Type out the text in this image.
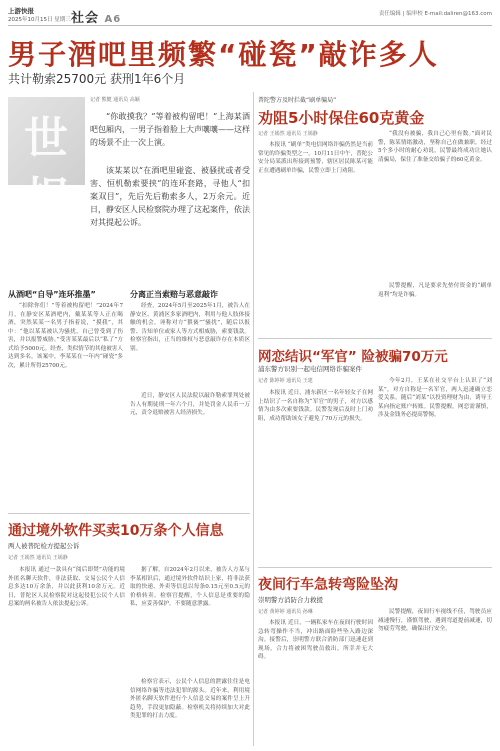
上游快报
2025年10月15日 星期三 社会 A6	责任编辑 | 编审校 E-mail:daliren@163.com
男子酒吧里频繁“碰瓷”敲诈多人
共计勒索25700元 获刑1年6个月
世
相
记者 熊健 通讯员 高颖
“你敢摸我？”等着被构留吧！”上海某酒吧包厢内，一男子指着脸上大声嚷嚷——这样的场景不止一次上演。
该某某以“在酒吧里碰瓷、被骚扰或者受害、恒机勒索要挟”的连环套路，寻他人“扣案双目”，先后先后勒索多人，2万余元。近日，静安区人民检察院办理了这起案件，依法对其提起公诉。
从酒吧“自导”连环推墨”
“扣除你们！”等着被构留吧！”2024年7月，在静安区某酒吧内，戴某某等人正在喝酒，突然某某一名男子指着说，“摸我”，其中：“他以某某被认为骚扰，自己曾受到了伤害，并以报警威胁。”受害某某最后以“私了”方式给予5000元。经查，类似情节的其他被害人达到多名。该案中，李某某在一年内“碰瓷”多次，累计所得25700元。
分离正当索赔与恶意敲诈
经查，2024年5月至2025年1月，被告人在静安区、黄浦区多家酒吧内，利用与他人肢体接触的机会，诬称对方“猥亵”“骚扰”，随后以报警、告知单位或家人等方式相威胁，索要钱款。检察官指出，正当的维权与恶意敲诈存在本质区别。
近日，静安区人民法院以敲诈勒索罪判处被告人有期徒刑一年六个月，并处罚金人民币一万元，责令退赔被害人经济损失。
通过境外软件买卖10万条个人信息
两人被普陀检方提起公诉
记者 王嫣然 通讯员 王嫣静
本报讯 通过一款具有“阅后即焚”功能的境外匿名聊天软件，非法获取、交易公民个人信息多达10万余条，并以此获利10余万元。近日，普陀区人民检察院对这起侵犯公民个人信息案的两名被告人依法提起公诉。
据了解，自2024年2月以来，被告人方某与李某相识后，通过境外软件结识上家，将非法获取的快递、外卖等信息以每条0.15元至0.5元的价格转卖。检察官提醒，个人信息是重要的隐私，应妥善保护，不要随意泄露。
检察官表示，公民个人信息的泄露往往是电信网络诈骗等违法犯罪的源头。近年来，利用境外匿名聊天软件进行个人信息交易的案件呈上升趋势，手段更加隐蔽。检察机关将持续加大对此类犯罪的打击力度。
普陀警方及时拦截“刷单骗局”
劝阻5小时保住60克黄金
记者 王嫣然 通讯员 王嫣静
本报讯 “刷单”类电信网络诈骗仍然是当前常见的诈骗类型之一。10月11日中午，普陀公安分局某派出所接到预警，辖区居民陈某可能正在遭遇刷单诈骗，民警立即上门劝阻。
“我没有被骗，我自己心里有数。”面对民警，陈某情绪激动，坚称自己在做兼职。经过5个多小时的耐心劝说，民警最终成功让她认清骗局，保住了准备交给骗子的60克黄金。
民警提醒，凡是要求先垫付资金的“刷单返利”均是诈骗。
网恋结识“军官” 险被骗70万元
浦东警方识别一起电信网络诈骗案件
记者 陈婷婷 通讯员 王建
本报讯 近日，浦东新区一名年轻女子在网上结识了一名自称为“军官”的男子，对方以感情为由多次索要钱款。民警发现后及时上门劝阻，成功帮助该女子避免了70万元的损失。
今年2月，王某在社交平台上认识了“刘某”，对方自称是一名军官，两人迅速确立恋爱关系。随后“刘某”以投资理财为由，诱导王某向指定账户转账。民警提醒，网恋需谨慎，涉及金钱务必提高警惕。
夜间行车急转弯险坠沟
崇明警方消防合力救援
记者 黄婷婷 通讯员 孙琳
本报讯 近日，一辆私家车在夜间行驶时因急转弯操作不当，冲出路面险些坠入路边深沟。接警后，崇明警方联合消防部门迅速赶到现场，合力将被困驾驶员救出，所幸并无大碍。
民警提醒，夜间行车视线不佳，驾驶员应减速慢行，谨慎驾驶，遇到弯道提前减速，切勿疲劳驾驶，确保出行安全。
